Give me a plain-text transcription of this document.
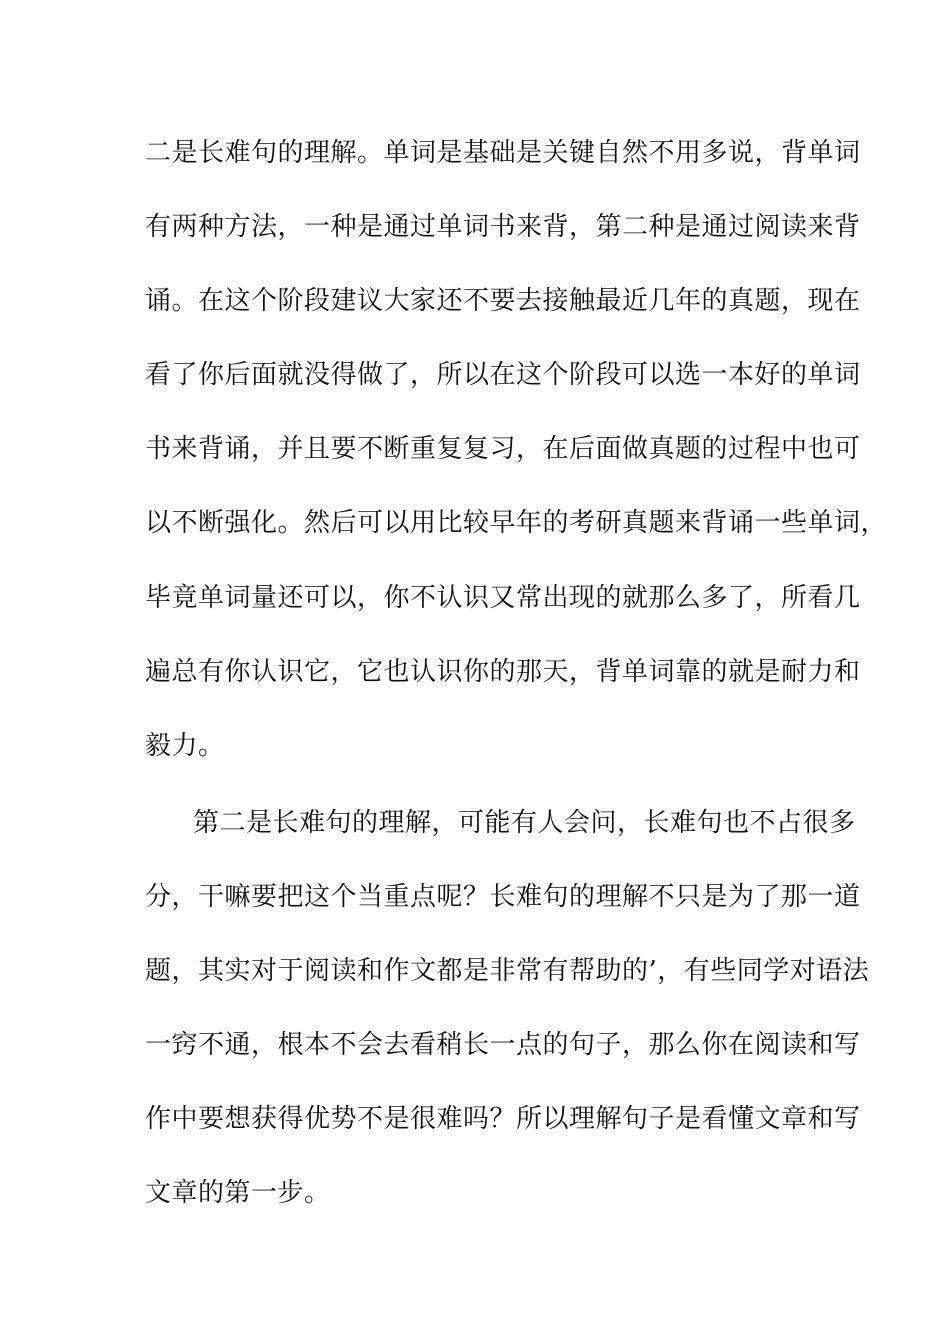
二是长难句的理解。单词是基础是关键自然不用多说，背单词
有两种方法，一种是通过单词书来背，第二种是通过阅读来背
诵。在这个阶段建议大家还不要去接触最近几年的真题，现在
看了你后面就没得做了，所以在这个阶段可以选一本好的单词
书来背诵，并且要不断重复复习，在后面做真题的过程中也可
以不断强化。然后可以用比较早年的考研真题来背诵一些单词，
毕竟单词量还可以，你不认识又常出现的就那么多了，所看几
遍总有你认识它，它也认识你的那天，背单词靠的就是耐力和
毅力。
第二是长难句的理解，可能有人会问，长难句也不占很多
分，干嘛要把这个当重点呢？长难句的理解不只是为了那一道
题，其实对于阅读和作文都是非常有帮助的’，有些同学对语法
一窍不通，根本不会去看稍长一点的句子，那么你在阅读和写
作中要想获得优势不是很难吗？所以理解句子是看懂文章和写
文章的第一步。
